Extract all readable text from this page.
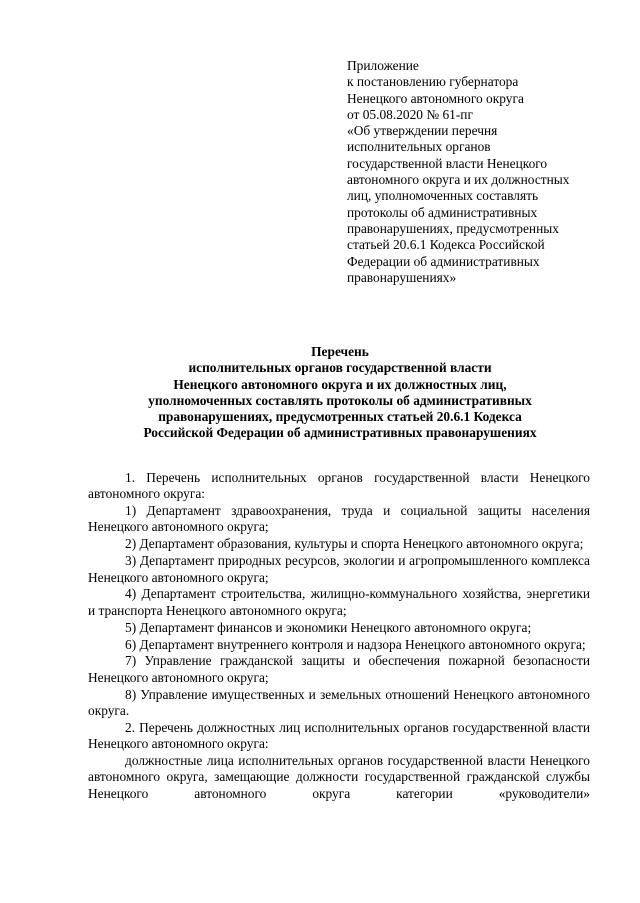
Приложение
к постановлению губернатора
Ненецкого автономного округа
от 05.08.2020 № 61-пг
«Об утверждении перечня
исполнительных органов
государственной власти Ненецкого
автономного округа и их должностных
лиц, уполномоченных составлять
протоколы об административных
правонарушениях, предусмотренных
статьей 20.6.1 Кодекса Российской
Федерации об административных
правонарушениях»
Перечень
исполнительных органов государственной власти
Ненецкого автономного округа и их должностных лиц,
уполномоченных составлять протоколы об административных
правонарушениях, предусмотренных статьей 20.6.1 Кодекса
Российской Федерации об административных правонарушениях

1. Перечень исполнительных органов государственной власти Ненецкого автономного округа:

1) Департамент здравоохранения, труда и социальной защиты населения Ненецкого автономного округа;

2) Департамент образования, культуры и спорта Ненецкого автономного округа;

3) Департамент природных ресурсов, экологии и агропромышленного комплекса Ненецкого автономного округа;

4) Департамент строительства, жилищно-коммунального хозяйства, энергетики и транспорта Ненецкого автономного округа;

5) Департамент финансов и экономики Ненецкого автономного округа;

6) Департамент внутреннего контроля и надзора Ненецкого автономного округа;

7) Управление гражданской защиты и обеспечения пожарной безопасности Ненецкого автономного округа;

8) Управление имущественных и земельных отношений Ненецкого автономного округа.

2. Перечень должностных лиц исполнительных органов государственной власти Ненецкого автономного округа:

должностные лица исполнительных органов государственной власти Ненецкого автономного округа, замещающие должности государственной гражданской службы Ненецкого автономного округа категории «руководители»
